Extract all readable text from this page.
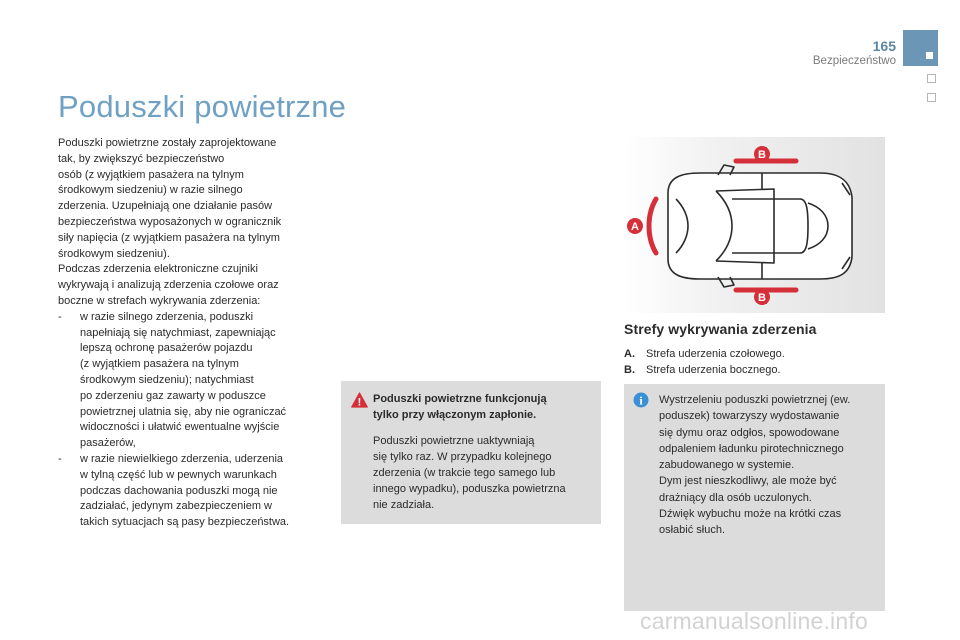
165
Bezpieczeństwo
Poduszki powietrzne

Poduszki powietrzne zostały zaprojektowane

tak, by zwiększyć bezpieczeństwo

osób (z wyjątkiem pasażera na tylnym

środkowym siedzeniu) w razie silnego

zderzenia. Uzupełniają one działanie pasów

bezpieczeństwa wyposażonych w ogranicznik

siły napięcia (z wyjątkiem pasażera na tylnym

środkowym siedzeniu).

Podczas zderzenia elektroniczne czujniki

wykrywają i analizują zderzenia czołowe oraz

boczne w strefach wykrywania zderzenia:

- w razie silnego zderzenia, poduszki

napełniają się natychmiast, zapewniając

lepszą ochronę pasażerów pojazdu

(z wyjątkiem pasażera na tylnym

środkowym siedzeniu); natychmiast

po zderzeniu gaz zawarty w poduszce

powietrznej ulatnia się, aby nie ograniczać

widoczności i ułatwić ewentualne wyjście

pasażerów,

- w razie niewielkiego zderzenia, uderzenia

w tylną część lub w pewnych warunkach

podczas dachowania poduszki mogą nie

zadziałać, jedynym zabezpieczeniem w

takich sytuacjach są pasy bezpieczeństwa.

! Poduszki powietrzne funkcjonują
tylko przy włączonym zapłonie.
Poduszki powietrzne uaktywniają
się tylko raz. W przypadku kolejnego
zderzenia (w trakcie tego samego lub
innego wypadku), poduszka powietrzna
nie zadziała.
B
A
B
Strefy wykrywania zderzenia
A.	Strefa uderzenia czołowego.
B.	Strefa uderzenia bocznego.
i Wystrzeleniu poduszki powietrznej (ew.
poduszek) towarzyszy wydostawanie
się dymu oraz odgłos, spowodowane
odpaleniem ładunku pirotechnicznego
zabudowanego w systemie.
Dym jest nieszkodliwy, ale może być
drażniący dla osób uczulonych.
Dźwięk wybuchu może na krótki czas
osłabić słuch.
carmanualsonline.info
